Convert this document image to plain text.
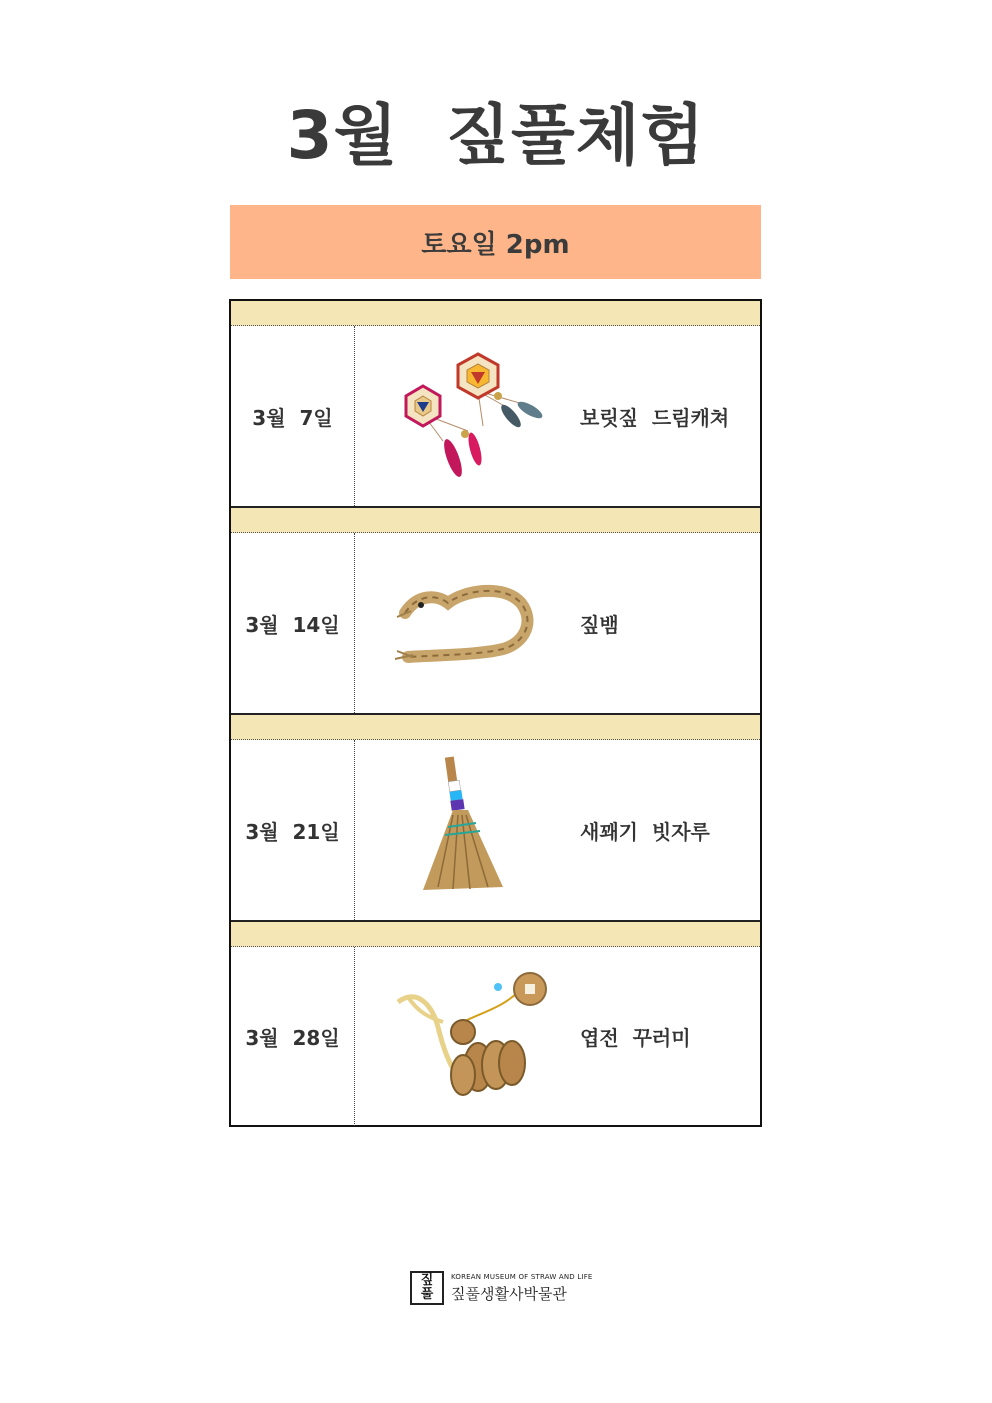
3월  짚풀체험
토요일 2pm
3월  7일	보릿짚  드림캐쳐
3월  14일	짚뱀
3월  21일	새꽤기  빗자루
3월  28일	엽전  꾸러미
짚
풀
KOREAN MUSEUM OF STRAW AND LIFE
짚풀생활사박물관
